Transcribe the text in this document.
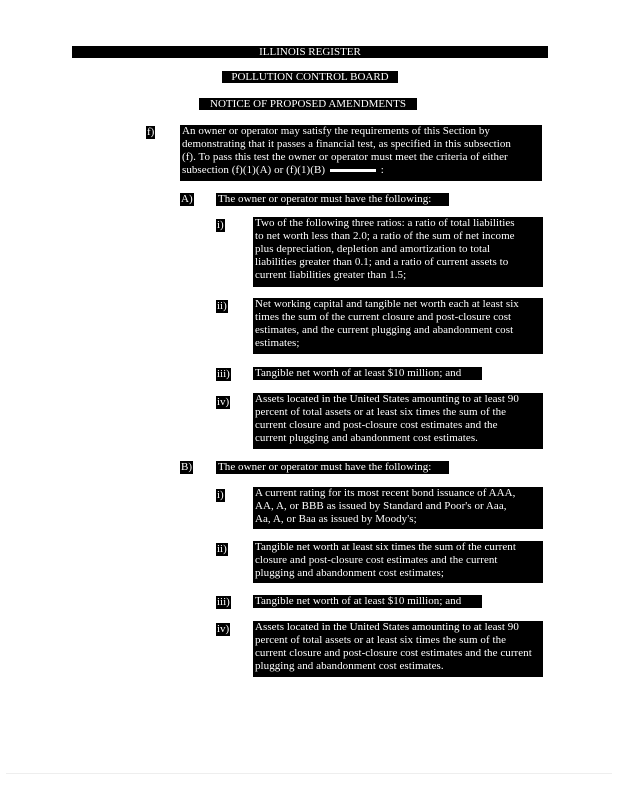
ILLINOIS REGISTER
POLLUTION CONTROL BOARD
NOTICE OF PROPOSED AMENDMENTS
f)	An owner or operator may satisfy the requirements of this Section by
demonstrating that it passes a financial test, as specified in this subsection
(f). To pass this test the owner or operator must meet the criteria of either
subsection (f)(1)(A) or (f)(1)(B)	:
A) The owner or operator must have the following:
i)	Two of the following three ratios: a ratio of total liabilities
to net worth less than 2.0; a ratio of the sum of net income
plus depreciation, depletion and amortization to total
liabilities greater than 0.1; and a ratio of current assets to
current liabilities greater than 1.5;
ii)	Net working capital and tangible net worth each at least six
times the sum of the current closure and post-closure cost
estimates, and the current plugging and abandonment cost
estimates;
iii) Tangible net worth of at least $10 million; and
iv) Assets located in the United States amounting to at least 90
percent of total assets or at least six times the sum of the
current closure and post-closure cost estimates and the
current plugging and abandonment cost estimates.
B) The owner or operator must have the following:
i)	A current rating for its most recent bond issuance of AAA,
AA, A, or BBB as issued by Standard and Poor's or Aaa,
Aa, A, or Baa as issued by Moody's;
ii)	Tangible net worth at least six times the sum of the current
closure and post-closure cost estimates and the current
plugging and abandonment cost estimates;
iii) Tangible net worth of at least $10 million; and
iv) Assets located in the United States amounting to at least 90
percent of total assets or at least six times the sum of the
current closure and post-closure cost estimates and the current
plugging and abandonment cost estimates.
